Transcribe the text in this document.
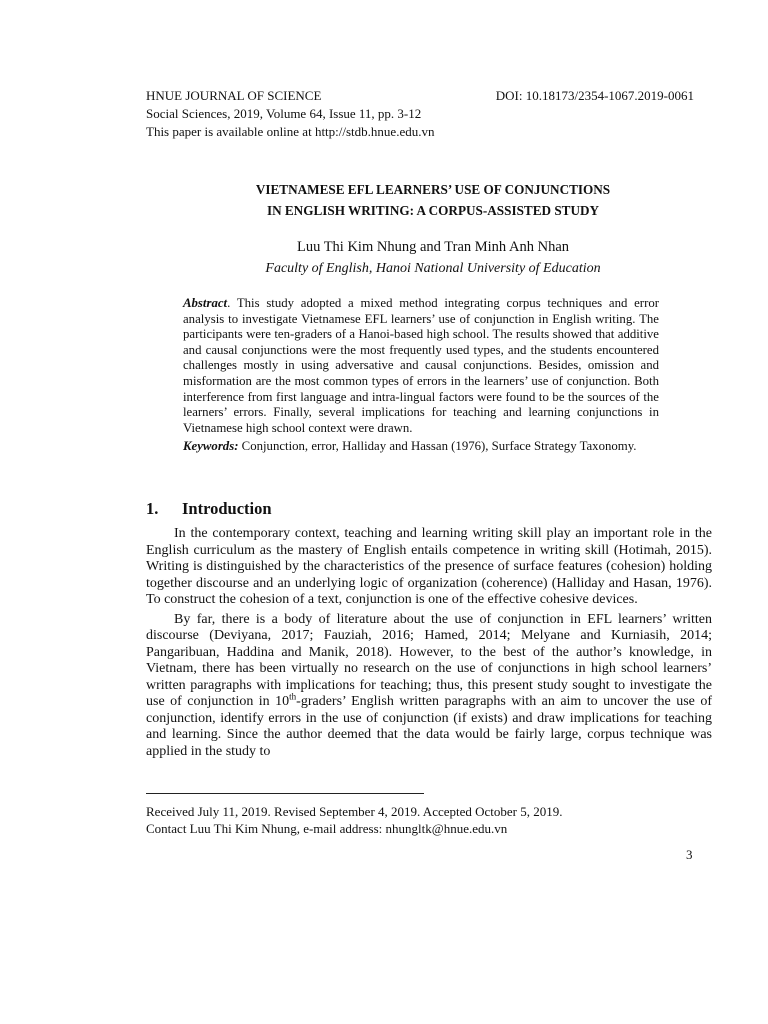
HNUE JOURNAL OF SCIENCE	DOI: 10.18173/2354-1067.2019-0061
Social Sciences, 2019, Volume 64, Issue 11, pp. 3-12
This paper is available online at http://stdb.hnue.edu.vn
VIETNAMESE EFL LEARNERS’ USE OF CONJUNCTIONS
IN ENGLISH WRITING: A CORPUS-ASSISTED STUDY
Luu Thi Kim Nhung and Tran Minh Anh Nhan
Faculty of English, Hanoi National University of Education

Abstract. This study adopted a mixed method integrating corpus techniques and error analysis to investigate Vietnamese EFL learners’ use of conjunction in English writing. The participants were ten-graders of a Hanoi-based high school. The results showed that additive and causal conjunctions were the most frequently used types, and the students encountered challenges mostly in using adversative and causal conjunctions. Besides, omission and misformation are the most common types of errors in the learners’ use of conjunction. Both interference from first language and intra-lingual factors were found to be the sources of the learners’ errors. Finally, several implications for teaching and learning conjunctions in Vietnamese high school context were drawn.

Keywords: Conjunction, error, Halliday and Hassan (1976), Surface Strategy Taxonomy.

1. Introduction

In the contemporary context, teaching and learning writing skill play an important role in the English curriculum as the mastery of English entails competence in writing skill (Hotimah, 2015). Writing is distinguished by the characteristics of the presence of surface features (cohesion) holding together discourse and an underlying logic of organization (coherence) (Halliday and Hasan, 1976). To construct the cohesion of a text, conjunction is one of the effective cohesive devices.

By far, there is a body of literature about the use of conjunction in EFL learners’ written discourse (Deviyana, 2017; Fauziah, 2016; Hamed, 2014; Melyane and Kurniasih, 2014; Pangaribuan, Haddina and Manik, 2018). However, to the best of the author’s knowledge, in Vietnam, there has been virtually no research on the use of conjunctions in high school learners’ written paragraphs with implications for teaching; thus, this present study sought to investigate the use of conjunction in 10th-graders’ English written paragraphs with an aim to uncover the use of conjunction, identify errors in the use of conjunction (if exists) and draw implications for teaching and learning. Since the author deemed that the data would be fairly large, corpus technique was applied in the study to

Received July 11, 2019. Revised September 4, 2019. Accepted October 5, 2019.
Contact Luu Thi Kim Nhung, e-mail address: nhungltk@hnue.edu.vn
3
